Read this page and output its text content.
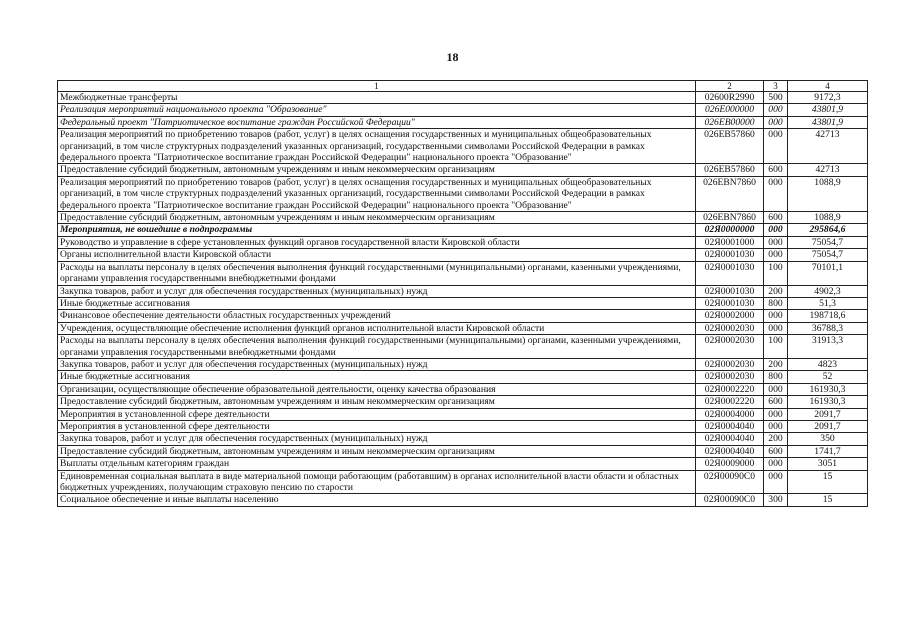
18
1	2	3	4
Межбюджетные трансферты	02600R2990	500	9172,3
Реализация мероприятий национального проекта "Образование"	026E000000	000	43801,9
Федеральный проект "Патриотическое воспитание граждан Российской Федерации"	026EB00000	000	43801,9
Реализация мероприятий по приобретению товаров (работ, услуг) в целях оснащения государственных и муниципальных общеобразовательных организаций, в том числе структурных подразделений указанных организаций, государственными символами Российской Федерации в рамках федерального проекта "Патриотическое воспитание граждан Российской Федерации" национального проекта "Образование"	026EB57860	000	42713
Предоставление субсидий бюджетным, автономным учреждениям и иным некоммерческим организациям	026EB57860	600	42713
Реализация мероприятий по приобретению товаров (работ, услуг) в целях оснащения государственных и муниципальных общеобразовательных организаций, в том числе структурных подразделений указанных организаций, государственными символами Российской Федерации в рамках федерального проекта "Патриотическое воспитание граждан Российской Федерации" национального проекта "Образование"	026EBN7860	000	1088,9
Предоставление субсидий бюджетным, автономным учреждениям и иным некоммерческим организациям	026EBN7860	600	1088,9
Мероприятия, не вошедшие в подпрограммы	02Я0000000	000	295864,6
Руководство и управление в сфере установленных функций органов государственной власти Кировской области	02Я0001000	000	75054,7
Органы исполнительной власти Кировской области	02Я0001030	000	75054,7
Расходы на выплаты персоналу в целях обеспечения выполнения функций государственными (муниципальными) органами, казенными учреждениями, органами управления государственными внебюджетными фондами	02Я0001030	100	70101,1
Закупка товаров, работ и услуг для обеспечения государственных (муниципальных) нужд	02Я0001030	200	4902,3
Иные бюджетные ассигнования	02Я0001030	800	51,3
Финансовое обеспечение деятельности областных государственных учреждений	02Я0002000	000	198718,6
Учреждения, осуществляющие обеспечение исполнения функций органов исполнительной власти Кировской области	02Я0002030	000	36788,3
Расходы на выплаты персоналу в целях обеспечения выполнения функций государственными (муниципальными) органами, казенными учреждениями, органами управления государственными внебюджетными фондами	02Я0002030	100	31913,3
Закупка товаров, работ и услуг для обеспечения государственных (муниципальных) нужд	02Я0002030	200	4823
Иные бюджетные ассигнования	02Я0002030	800	52
Организации, осуществляющие обеспечение образовательной деятельности, оценку качества образования	02Я0002220	000	161930,3
Предоставление субсидий бюджетным, автономным учреждениям и иным некоммерческим организациям	02Я0002220	600	161930,3
Мероприятия в установленной сфере деятельности	02Я0004000	000	2091,7
Мероприятия в установленной сфере деятельности	02Я0004040	000	2091,7
Закупка товаров, работ и услуг для обеспечения государственных (муниципальных) нужд	02Я0004040	200	350
Предоставление субсидий бюджетным, автономным учреждениям и иным некоммерческим организациям	02Я0004040	600	1741,7
Выплаты отдельным категориям граждан	02Я0009000	000	3051
Единовременная социальная выплата в виде материальной помощи работающим (работавшим) в органах исполнительной власти области и областных бюджетных учреждениях, получающим страховую пенсию по старости	02Я00090С0	000	15
Социальное обеспечение и иные выплаты населению	02Я00090С0	300	15
